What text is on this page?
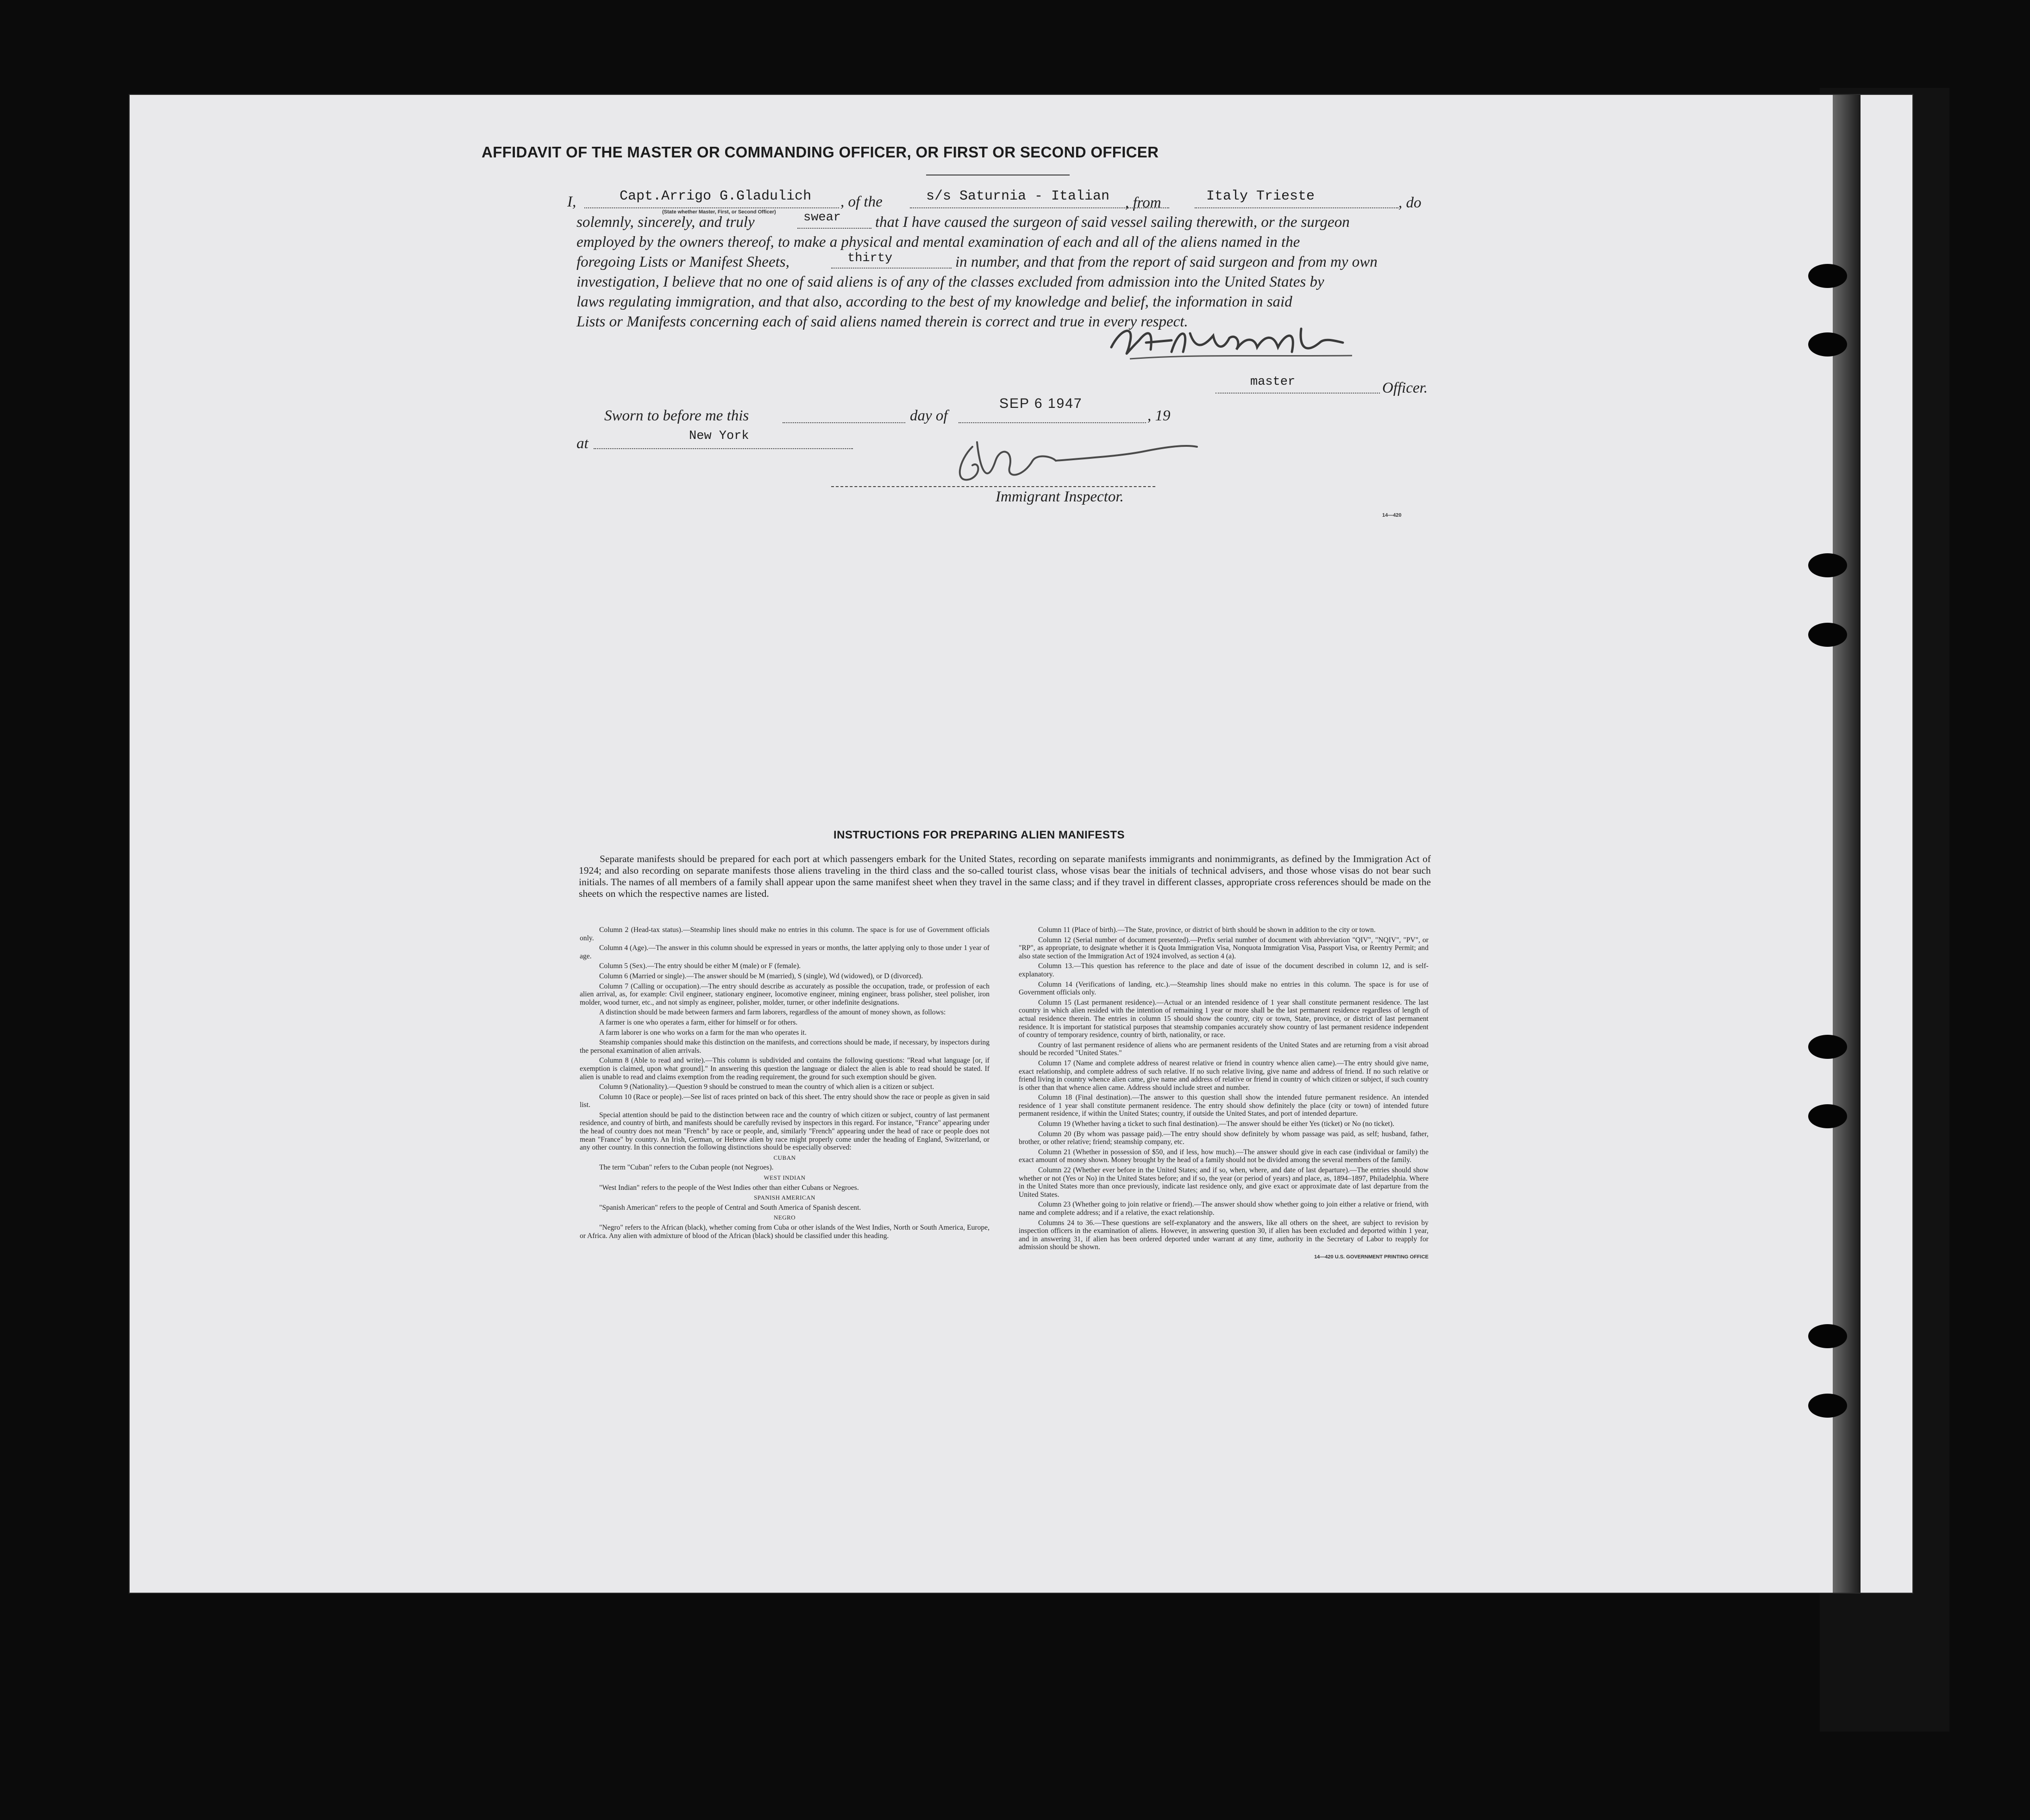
AFFIDAVIT OF THE MASTER OR COMMANDING OFFICER, OR FIRST OR SECOND OFFICER
I,	Capt.Arrigo G.Gladulich
(State whether Master, First, or Second Officer)
, of the	s/s Saturnia - Italian , from	Italy Trieste	, do
solemnly, sincerely, and truly	swear that I have caused the surgeon of said vessel sailing therewith, or the surgeon
employed by the owners thereof, to make a physical and mental examination of each and all of the aliens named in the
foregoing Lists or Manifest Sheets,	thirty	in number, and that from the report of said surgeon and from my own
investigation, I believe that no one of said aliens is of any of the classes excluded from admission into the United States by
laws regulating immigration, and that also, according to the best of my knowledge and belief, the information in said
Lists or Manifests concerning each of said aliens named therein is correct and true in every respect.
master	Officer.
Sworn to before me this	day of
SEP 6 1947
, 19
at	New York
Immigrant Inspector.
14—420
INSTRUCTIONS FOR PREPARING ALIEN MANIFESTS
Separate manifests should be prepared for each port at which passengers embark for the United States, recording on separate manifests immigrants and nonimmigrants, as defined by the Immigration Act of 1924; and also recording on separate manifests those aliens traveling in the third class and the so-called tourist class, whose visas bear the initials of technical advisers, and those whose visas do not bear such initials. The names of all members of a family shall appear upon the same manifest sheet when they travel in the same class; and if they travel in different classes, appropriate cross references should be made on the sheets on which the respective names are listed.

Column 2 (Head-tax status).—Steamship lines should make no entries in this column. The space is for use of Government officials only.

Column 4 (Age).—The answer in this column should be expressed in years or months, the latter applying only to those under 1 year of age.

Column 5 (Sex).—The entry should be either M (male) or F (female).

Column 6 (Married or single).—The answer should be M (married), S (single), Wd (widowed), or D (divorced).

Column 7 (Calling or occupation).—The entry should describe as accurately as possible the occupation, trade, or profession of each alien arrival, as, for example: Civil engineer, stationary engineer, locomotive engineer, mining engineer, brass polisher, steel polisher, iron molder, wood turner, etc., and not simply as engineer, polisher, molder, turner, or other indefinite designations.

A distinction should be made between farmers and farm laborers, regardless of the amount of money shown, as follows:

A farmer is one who operates a farm, either for himself or for others.

A farm laborer is one who works on a farm for the man who operates it.

Steamship companies should make this distinction on the manifests, and corrections should be made, if necessary, by inspectors during the personal examination of alien arrivals.

Column 8 (Able to read and write).—This column is subdivided and contains the following questions: "Read what language [or, if exemption is claimed, upon what ground]." In answering this question the language or dialect the alien is able to read should be stated. If alien is unable to read and claims exemption from the reading requirement, the ground for such exemption should be given.

Column 9 (Nationality).—Question 9 should be construed to mean the country of which alien is a citizen or subject.

Column 10 (Race or people).—See list of races printed on back of this sheet. The entry should show the race or people as given in said list.

Special attention should be paid to the distinction between race and the country of which citizen or subject, country of last permanent residence, and country of birth, and manifests should be carefully revised by inspectors in this regard. For instance, "France" appearing under the head of country does not mean "French" by race or people, and, similarly "French" appearing under the head of race or people does not mean "France" by country. An Irish, German, or Hebrew alien by race might properly come under the heading of England, Switzerland, or any other country. In this connection the following distinctions should be especially observed:

CUBAN

The term "Cuban" refers to the Cuban people (not Negroes).

WEST INDIAN

"West Indian" refers to the people of the West Indies other than either Cubans or Negroes.

SPANISH AMERICAN

"Spanish American" refers to the people of Central and South America of Spanish descent.

NEGRO

"Negro" refers to the African (black), whether coming from Cuba or other islands of the West Indies, North or South America, Europe, or Africa. Any alien with admixture of blood of the African (black) should be classified under this heading.

Column 11 (Place of birth).—The State, province, or district of birth should be shown in addition to the city or town.

Column 12 (Serial number of document presented).—Prefix serial number of document with abbreviation "QIV", "NQIV", "PV", or "RP", as appropriate, to designate whether it is Quota Immigration Visa, Nonquota Immigration Visa, Passport Visa, or Reentry Permit; and also state section of the Immigration Act of 1924 involved, as section 4 (a).

Column 13.—This question has reference to the place and date of issue of the document described in column 12, and is self-explanatory.

Column 14 (Verifications of landing, etc.).—Steamship lines should make no entries in this column. The space is for use of Government officials only.

Column 15 (Last permanent residence).—Actual or an intended residence of 1 year shall constitute permanent residence. The last country in which alien resided with the intention of remaining 1 year or more shall be the last permanent residence regardless of length of actual residence therein. The entries in column 15 should show the country, city or town, State, province, or district of last permanent residence. It is important for statistical purposes that steamship companies accurately show country of last permanent residence independent of country of temporary residence, country of birth, nationality, or race.

Country of last permanent residence of aliens who are permanent residents of the United States and are returning from a visit abroad should be recorded "United States."

Column 17 (Name and complete address of nearest relative or friend in country whence alien came).—The entry should give name, exact relationship, and complete address of such relative. If no such relative living, give name and address of friend. If no such relative or friend living in country whence alien came, give name and address of relative or friend in country of which citizen or subject, if such country is other than that whence alien came. Address should include street and number.

Column 18 (Final destination).—The answer to this question shall show the intended future permanent residence. An intended residence of 1 year shall constitute permanent residence. The entry should show definitely the place (city or town) of intended future permanent residence, if within the United States; country, if outside the United States, and port of intended departure.

Column 19 (Whether having a ticket to such final destination).—The answer should be either Yes (ticket) or No (no ticket).

Column 20 (By whom was passage paid).—The entry should show definitely by whom passage was paid, as self; husband, father, brother, or other relative; friend; steamship company, etc.

Column 21 (Whether in possession of $50, and if less, how much).—The answer should give in each case (individual or family) the exact amount of money shown. Money brought by the head of a family should not be divided among the several members of the family.

Column 22 (Whether ever before in the United States; and if so, when, where, and date of last departure).—The entries should show whether or not (Yes or No) in the United States before; and if so, the year (or period of years) and place, as, 1894–1897, Philadelphia. Where in the United States more than once previously, indicate last residence only, and give exact or approximate date of last departure from the United States.

Column 23 (Whether going to join relative or friend).—The answer should show whether going to join either a relative or friend, with name and complete address; and if a relative, the exact relationship.

Columns 24 to 36.—These questions are self-explanatory and the answers, like all others on the sheet, are subject to revision by inspection officers in the examination of aliens. However, in answering question 30, if alien has been excluded and deported within 1 year, and in answering 31, if alien has been ordered deported under warrant at any time, authority in the Secretary of Labor to reapply for admission should be shown.

14—420 U.S. GOVERNMENT PRINTING OFFICE
